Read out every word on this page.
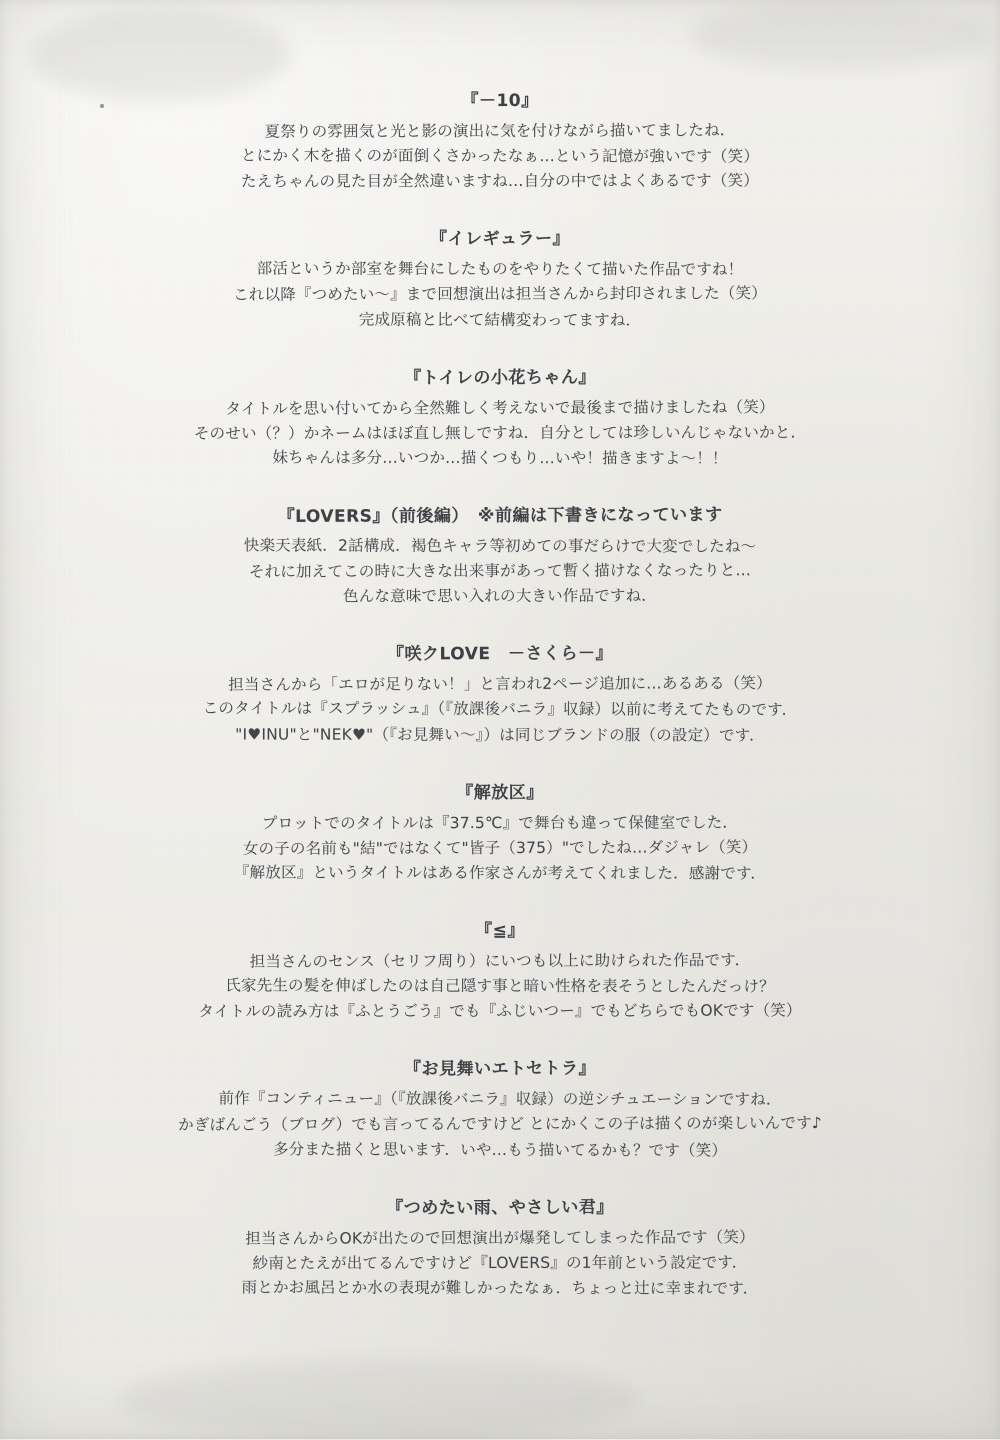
『－10』
夏祭りの雰囲気と光と影の演出に気を付けながら描いてましたね．
とにかく木を描くのが面倒くさかったなぁ…という記憶が強いです（笑）
たえちゃんの見た目が全然違いますね…自分の中ではよくあるです（笑）
『イレギュラー』
部活というか部室を舞台にしたものをやりたくて描いた作品ですね！
これ以降『つめたい〜』まで回想演出は担当さんから封印されました（笑）
完成原稿と比べて結構変わってますね．
『トイレの小花ちゃん』
タイトルを思い付いてから全然難しく考えないで最後まで描けましたね（笑）
そのせい（？）かネームはほぼ直し無しですね．自分としては珍しいんじゃないかと．
妹ちゃんは多分…いつか…描くつもり…いや！描きますよ〜！！
『LOVERS』（前後編）　※前編は下書きになっています
快楽天表紙．2話構成．褐色キャラ等初めての事だらけで大変でしたね〜
それに加えてこの時に大きな出来事があって暫く描けなくなったりと…
色んな意味で思い入れの大きい作品ですね．
『咲クLOVE　－さくら－』
担当さんから「エロが足りない！」と言われ2ページ追加に…あるある（笑）
このタイトルは『スプラッシュ』（『放課後バニラ』収録）以前に考えてたものです．
"I♥INU"と"NEK♥"（『お見舞い〜』）は同じブランドの服（の設定）です．
『解放区』
プロットでのタイトルは『37.5℃』で舞台も違って保健室でした．
女の子の名前も"結"ではなくて"皆子（375）"でしたね…ダジャレ（笑）
『解放区』というタイトルはある作家さんが考えてくれました．感謝です．
『≦』
担当さんのセンス（セリフ周り）にいつも以上に助けられた作品です．
氏家先生の髪を伸ばしたのは自己隠す事と暗い性格を表そうとしたんだっけ？
タイトルの読み方は『ふとうごう』でも『ふじいつー』でもどちらでもOKです（笑）
『お見舞いエトセトラ』
前作『コンティニュー』（『放課後バニラ』収録）の逆シチュエーションですね．
かぎばんごう（ブログ）でも言ってるんですけど とにかくこの子は描くのが楽しいんです♪
多分また描くと思います．いや…もう描いてるかも？です（笑）
『つめたい雨、やさしい君』
担当さんからOKが出たので回想演出が爆発してしまった作品です（笑）
紗南とたえが出てるんですけど『LOVERS』の1年前という設定です．
雨とかお風呂とか水の表現が難しかったなぁ．ちょっと辻に幸まれです．
